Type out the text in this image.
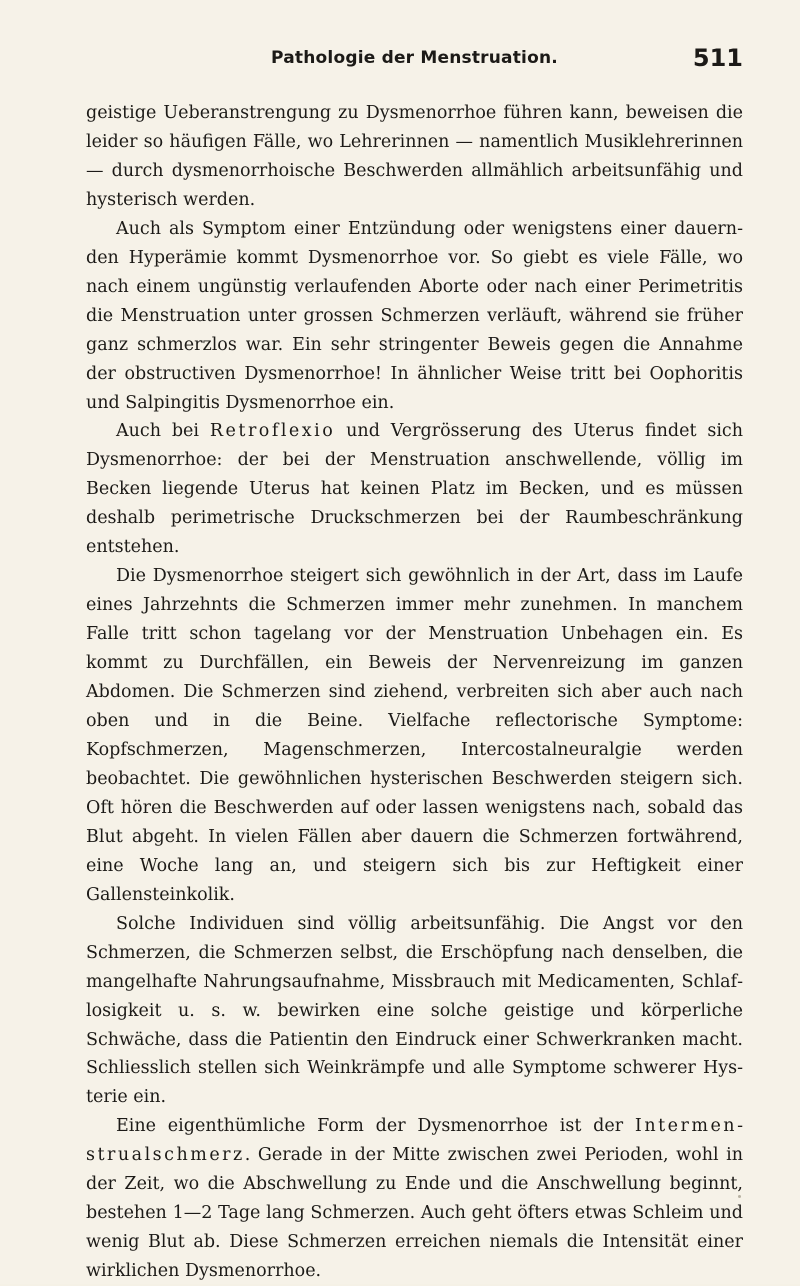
Pathologie der Menstruation.	511

geistige Ueberanstrengung zu Dysmenorrhoe führen kann, beweisen die leider so häufigen Fälle, wo Lehrerinnen — namentlich Musiklehrerinnen — durch dysmenorrhoische Beschwerden allmählich arbeitsunfähig und hysterisch werden.

Auch als Symptom einer Entzündung oder wenigstens einer dauernden Hyperämie kommt Dysmenorrhoe vor. So giebt es viele Fälle, wo nach einem ungünstig verlaufenden Aborte oder nach einer Perimetritis die Menstruation unter grossen Schmerzen verläuft, während sie früher ganz schmerzlos war. Ein sehr stringenter Beweis gegen die Annahme der obstructiven Dysmenorrhoe! In ähnlicher Weise tritt bei Oophoritis und Salpingitis Dysmenorrhoe ein.

Auch bei Retroflexio und Vergrösserung des Uterus findet sich Dysmenorrhoe: der bei der Menstruation anschwellende, völlig im Becken liegende Uterus hat keinen Platz im Becken, und es müssen deshalb perimetrische Druckschmerzen bei der Raumbeschränkung entstehen.

Die Dysmenorrhoe steigert sich gewöhnlich in der Art, dass im Laufe eines Jahrzehnts die Schmerzen immer mehr zunehmen. In manchem Falle tritt schon tagelang vor der Menstruation Unbehagen ein. Es kommt zu Durchfällen, ein Beweis der Nervenreizung im ganzen Abdomen. Die Schmerzen sind ziehend, verbreiten sich aber auch nach oben und in die Beine. Vielfache reflectorische Symptome: Kopfschmerzen, Magenschmerzen, Intercostalneuralgie werden beobachtet. Die gewöhnlichen hysterischen Beschwerden steigern sich. Oft hören die Beschwerden auf oder lassen wenigstens nach, sobald das Blut abgeht. In vielen Fällen aber dauern die Schmerzen fortwährend, eine Woche lang an, und steigern sich bis zur Heftigkeit einer Gallensteinkolik.

Solche Individuen sind völlig arbeitsunfähig. Die Angst vor den Schmerzen, die Schmerzen selbst, die Erschöpfung nach denselben, die mangelhafte Nahrungsaufnahme, Missbrauch mit Medicamenten, Schlaflosigkeit u. s. w. bewirken eine solche geistige und körperliche Schwäche, dass die Patientin den Eindruck einer Schwerkranken macht. Schliesslich stellen sich Weinkrämpfe und alle Symptome schwerer Hysterie ein.

Eine eigenthümliche Form der Dysmenorrhoe ist der Intermenstrualschmerz. Gerade in der Mitte zwischen zwei Perioden, wohl in der Zeit, wo die Abschwellung zu Ende und die Anschwellung beginnt, bestehen 1—2 Tage lang Schmerzen. Auch geht öfters etwas Schleim und wenig Blut ab. Diese Schmerzen erreichen niemals die Intensität einer wirklichen Dysmenorrhoe.
